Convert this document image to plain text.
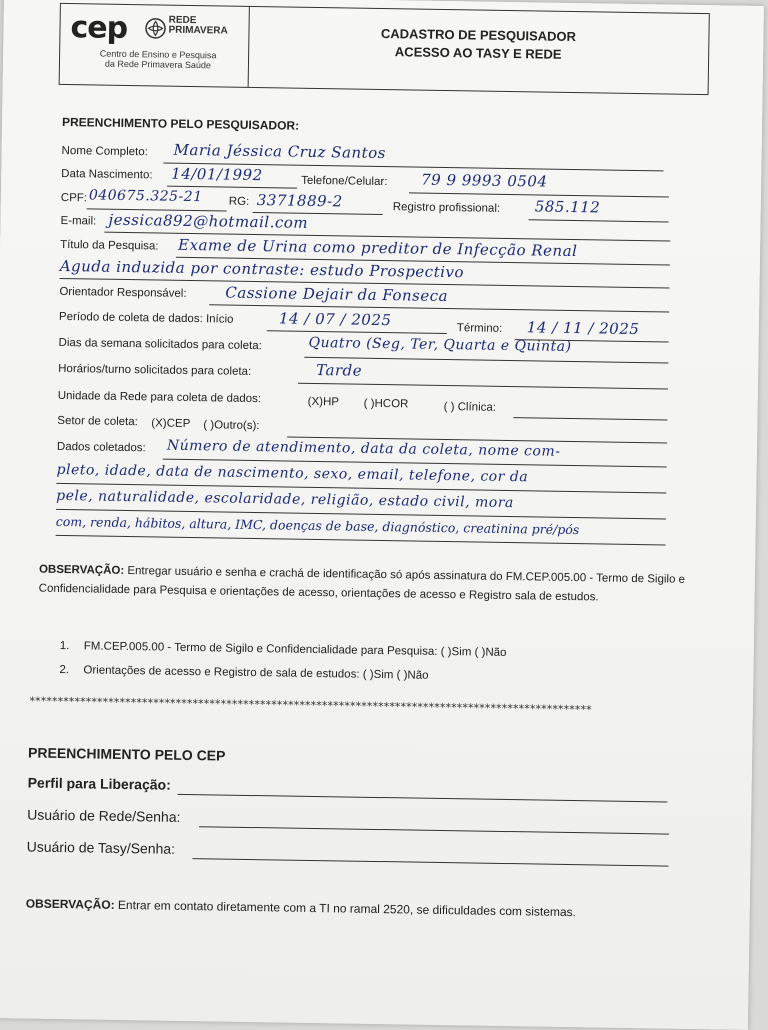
cep	REDE
PRIMAVERA
Centro de Ensino e Pesquisa
da Rede Primavera Saúde
CADASTRO DE PESQUISADOR
ACESSO AO TASY E REDE
PREENCHIMENTO PELO PESQUISADOR:
Nome Completo: Maria Jéssica Cruz Santos
Data Nascimento: 14/01/1992	Telefone/Celular: 79 9 9993 0504
CPF: 040675.325-21 RG: 3371889-2	Registro profissional: 585.112
E-mail: jessica892@hotmail.com
Título da Pesquisa: Exame de Urina como preditor de Infecção Renal
Aguda induzida por contraste: estudo Prospectivo
Orientador Responsável:	Cassione Dejair da Fonseca
Período de coleta de dados: Início	14 / 07 / 2025	Término: 14 / 11 / 2025
Dias da semana solicitados para coleta:	Quatro (Seg, Ter, Quarta e Quinta)
Horários/turno solicitados para coleta:	Tarde
Unidade da Rede para coleta de dados:	(X)HP ( )HCOR	( ) Clínica:
Setor de coleta: (X)CEP ( )Outro(s):
Dados coletados: Número de atendimento, data da coleta, nome com-
pleto, idade, data de nascimento, sexo, email, telefone, cor da
pele, naturalidade, escolaridade, religião, estado civil, mora
com, renda, hábitos, altura, IMC, doenças de base, diagnóstico, creatinina pré/pós
OBSERVAÇÃO: Entregar usuário e senha e crachá de identificação só após assinatura do FM.CEP.005.00 - Termo de Sigilo e Confidencialidade para Pesquisa e orientações de acesso, orientações de acesso e Registro sala de estudos.
1. FM.CEP.005.00 - Termo de Sigilo e Confidencialidade para Pesquisa: ( )Sim ( )Não
2. Orientações de acesso e Registro de sala de estudos: ( )Sim ( )Não
****************************************************************************************************
PREENCHIMENTO PELO CEP
Perfil para Liberação:
Usuário de Rede/Senha:
Usuário de Tasy/Senha:
OBSERVAÇÃO: Entrar em contato diretamente com a TI no ramal 2520, se dificuldades com sistemas.
